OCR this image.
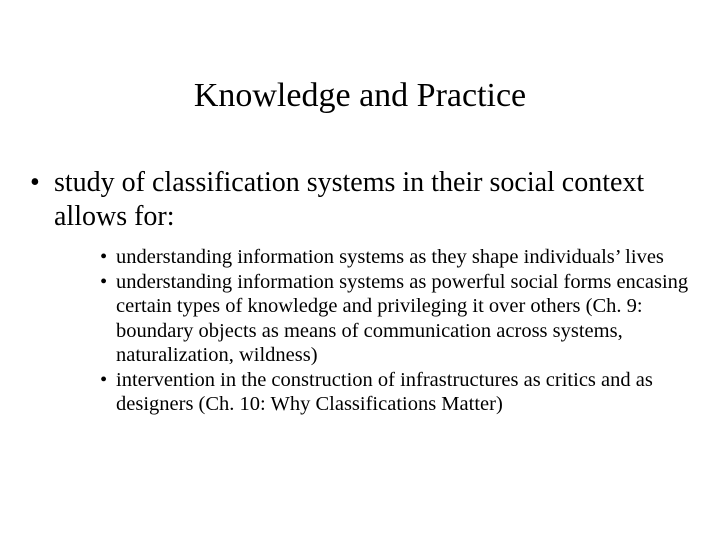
Knowledge and Practice
• study of classification systems in their social context allows for:

• understanding information systems as they shape individuals’ lives

• understanding information systems as powerful social forms encasing certain types of knowledge and privileging it over others (Ch. 9: boundary objects as means of communication across systems, naturalization, wildness)

• intervention in the construction of infrastructures as critics and as designers (Ch. 10: Why Classifications Matter)
